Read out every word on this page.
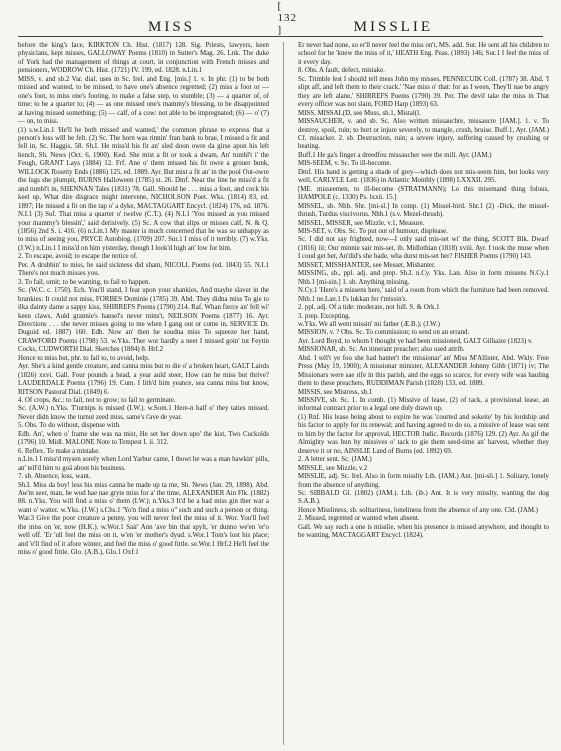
MISS
[ 132 ]	MISSLIE

before the king's face, KIRKTON Ch. Hist. (1817) 128. Sig. Priests, lawyers, keen physicians, kept misses, GALLOWAY Poems (1810) in Sutter's Mag. 26. Lnk. The duke of York had the management of things at court, in conjunction with French misses and pensioners, WODROW Ch. Hist. (1721) IV. 199, ed. 1828. n.Lin.1

MISS, v. and sb.2 Var. dial. uses in Sc. Irel. and Eng. [mis.] 1. v. In phr. (1) to be both missed and wanted, to be missed, to have one's absence regretted; (2) miss a foot or — one's foot, to miss one's footing, to make a false step, to stumble; (3) — a quarter of, of time: to be a quarter to; (4) — as one missed one's mammy's blessing, to be disappointed at having missed something; (5) — calf, of a cow: not able to be impregnated; (6) — o' (7) — on, to miss.

(1) s.w.Lin.1 'He'll be both missed and wanted,' the common phrase to express that a person's loss will be felt. (2) Sc. The horn was rinnin' fran bank to brae, I missed a fit and fell in, Sc. Haggis, 58. Sh.I. He miss'd his fit an' sled doon owre da girse apon his left hench, Sh. News (Oct. 6, 1900). Ked. She mist a fit or took a dwam, An' tumbl't i' the Feugh, GRANT Lays (1884) 12. Frf. Ane o' them missed his fit owre a grouer bunk, WILLOCK Rosetty Ends (1886) 125, ed. 1889. Ayr. But mist a fit an' in the pool Out-owre the lugs she plumpit, BURNS Halloween (1785) st. 26. Dmf. Near the line he miss'd a fit and tumbl't in, SHENNAN Tales (1831) 78. Gall. Should he . . . miss a foot, and cock his keel up, What dire disgrace might intervene, NICHOLSON Poet. Wks. (1814) 83, ed. 1897; He missed a fit on the tap o' a dyke, MACTAGGART Encycl. (1824) 176, ed. 1876. N.I.1 (3) Suf. That miss a quarter o' twelve (C.T.). (4) N.I.1 'You missed as you missed your mammy's blessin',' said derisively. (5) Sc. A cow that slips or misses calf, N. & Q. (1856) 2nd S. i. 416. (6) n.Lin.1 My master is much concerned that he was so unhappy as to miss of seeing you, PRYCE Autobiog. (1709) 207. Sur.1 I miss of it terribly. (7) w.Yks. (J.W.) n.Lin.1 I miss'd on him yisterday, though I look'd high an' low for him.

2. To escape, avoid; to escape the notice of.

Per. A drubbin' to miss, he said sickness did sham, NICOLL Poems (ed. 1843) 55. N.I.1 There's not much misses you.

3. To fail, omit; to be wanting, to fail to happen.

Sc. (W.C. c. 1750). Ech. You'll stand, I fear upon your shankies, And maybe slaver in the brankies: It could not miss, FORBES Dominie (1785) 39. Abd. They didna miss To gie to ilka dainty dame a sappy kiss, SHIRREFS Poems (1790) 214. Raf. Whan fierce an' fell wi' keen claws, Auld grannie's hansel's never mins't, NEILSON Poems (1877) 16. Ayr. Directions . . . she never misses going to me when I gang out or come in, SERVICE Dr. Duguid ed. 1887) 160. Edb. Now an' then he soudna miss To squeeze her hand, CRAWFORD Poems (1798) 53. w.Yks. Ther wor hardly a neet I missed goin' tut Feytin Cocks, CUDWORTH Dial. Sketches (1884) 8. Hrf.2

Hence to miss but, phr. to fail to, to avoid, help.

Ayr. She's a kind gentle creature, and canna miss but to die o' a broken heart, GALT Lairds (1826) xxvi. Gall. Four pounds a head, a year auld steer, How can he miss but thrive? LAUDERDALE Poems (1796) 19. Cum. I lith'd him yeance, sea canna miss but know, RITSON Pastoral Dial. (1849) 6.

4. Of crops, &c.: to fail, not to grow; to fail to germinate.

Sc. (A.W.) n.Yks. T'turnips is missed (I.W.). w.Som.1 Here-n half o' they taties missed. Never didn know the turnut zeed miss, same's t'ave de year.

5. Obs. To do without, dispense with.

Edb. An', when o' frame she was na mist, He set her down upo' the kist, Two Cuckolds (1796) 10. Midl. MALONE Note to Tempest I. ii. 312.

6. Reflex. To make a mistake.

n.Lin.1 I miss'd mysen sorely when Lord Yarbur came, I thowt he was a man hawkin' pills, an' tell'd him to goä aboot his business.

7. sb. Absence, loss, want.

Sh.I. Miss da boy! less his miss canna be made up ta me, Sh. News (Jan. 29, 1898). Abd. Aw'm seer, man, he wud hae nae gryte miss for a' the time, ALEXANDER Ain Flk. (1882) 88. n.Yks. You will find a miss o' them (I.W.); n.Yks.3 It'd be a bad miss gin ther war a want o' watter. w.Yks. (J.W.) s.Chs.1 'Yo'n find a miss o'' such and such a person or thing. War.3 Give the poor creature a penny, you will never feel the miss of it. Wor. You'll feel the miss on 'er, now (H.K.). w.Wor.1 Sair' Ann 'ave bin that spylt, 'er dunno we'en 'er'o well off. 'Er 'ull feel the miss on it, w'en 'er mother's dyud. s.Wor.1 Tom's lost his place; and 'e'll find of it afore winter, and feel the miss o' good fittle. se.Wor.1 Hrf.2 He'll feel the miss o' good fittle. Glo. (A.B.), Glo.1 Oxf.1

Er never had none, so er'll never feel the miss on't, MS. add. Sur. He sent all his children to school for he 'knew the miss of it,' HEATH Eng. Peas. (1893) 146; Sur.1 I feel the miss of it every day.

8. Obs. A fault, defect, mistake.

Sc. Trimble lest I should tell mess John my misses, PENNECUIK Coll. (1787) 38. Abd. 'I slipt aff, and left them to their crack.' 'Nae miss o' that: for as I ween, They'll nae be angry they are left alane,' SHIRREFS Poems (1790) 39. Per. The devil take the miss in That every officer was not slain, FORD Harp (1893) 63.

MISS, MISSAL(D, see Muss, sb.1, Mistal(l.

MISSAUCHER, v. and sb. Sc. Also written missauchre, missaucre [JAM.]. 1. v. To destroy, spoil, ruin; to hurt or injure severely, to mangle, crush, bruise. Buff.1, Ayr. (JAM.) Cf. misacker. 2. sb. Destruction, ruin; a severe injury, suffering caused by crushing or beating.

Buff.1 He ga's finger a dreedfou missaucher wee the mill. Ayr. (JAM.)

MIS-SEEM, v. Sc. To ill-become.

Dmf. His hand is getting a shade of grey—which does not mis-seem him, but looks very well, CARLYLE Lett. (1836) in Atlantic Monthly (1898) LXXXII. 295.

[ME. misseemen, to ill-become (STRATMANN); Lo this misemand thing folous, HAMPOLE (c. 1330) Ps. lxxii. 15.]

MISSEL, sb. Nhb. Shr. [mi-sl.] In comp. (1) Missel-bird. Shr.1 (2) -Dick, the missel-thrush, Turdus viscivorus. Nhb.1 (s.v. Mezel-thrush).

MISSEL, MISSER, see Mizzle, v.1, Measure.

MIS-SET, v. Obs. Sc. To put out of humour, displease.

Sc. I did not say frighted, now—I only said mis-set wi' the thing, SCOTT Blk. Dwarf (1816) iii; Our minnie sair mis-set, ib. Midlothian (1818) xviii. Ayr. I took the muse when I coud get her, An'did's she bade, wha durst mis-set her? FISHER Poems (1790) 143.

MISSET, MISSHANTER, see Messet, Mishanter.

MISSING, sb., ppl. adj. and prep. Sh.I. n.Cy. Yks. Lan. Also in form missens N.Cy.1 Nhb.1 [mi-sin.] 1. sb. Anything missing.

N.Cy.1 'Here's a missens here,' said of a room from which the furniture had been removed. Nhb.1 ne.Lan.1 I's lukkan fer t'missin's.

2. ppl. adj. Of a tide: moderate, not full. S. & Ork.1

3. prep. Excepting.

w.Yks. We all went missin' mi father (Æ.B.); (J.W.)

MISSION, v. ? Obs. Sc. To commission; to send on an errand.

Ayr. Lord Boyd, to whom I thought ye had been missioned, GALT Gilhaize (1823) v.

MISSIONAR, sb. Sc. An itinerant preacher; also used attrib.

Abd. I tell't ye foo she had banter't the missionar' an' Miss M'Allister, Abd. Wkly. Free Press (May 19, 1900); A missionar minister, ALEXANDER Johnny Gibb (1871) iv; The Missionars were sae rife in this parish, and the eggs so scarce, for every wife was hauling them to these preachers, RUDDIMAN Parish (1828) 133, ed. 1889.

MISSIS, see Mistress, sb.1

MISSIVE, sb. Sc. 1. In comb. (1) Missive of lease, (2) of tack, a provisional lease, an informal contract prior to a legal one duly drawn up.

(1) Rnf. His lease being about to expire he was 'courted and sokeite' by his lordship and his factor to apply for its renewal; and having agreed to do so, a missive of lease was sent to him by the factor for approval, HECTOR Judic. Records (1876) 129. (2) Ayr. As gif the Almighty was bun by missives o' tack to gie them seed-time an' harvest, whether they deserve it or no, AINSLIE Land of Burns (ed. 1892) 69.

2. A letter sent. Sc. (JAM.)

MISSLE, see Mizzle, v.2

MISSLIE, adj. Sc. Irel. Also in form misslty Lth. (JAM.) Ant. [mi-sli.] 1. Solitary, lonely from the absence of anything.

Sc. SIBBALD Gl. (1802) (JAM.). Lth. (ib.) Ant. It is very misslty, wanting the dog S.A.B.).

Hence Missliness, sb. solitariness, loneliness from the absence of any one. Cld. (JAM.)

2. Missed, regretted or wanted when absent.

Gall. We say such a one is misslie, when his presence is missed anywhere, and thought to be wanting, MACTAGGART Encycl. (1824).
